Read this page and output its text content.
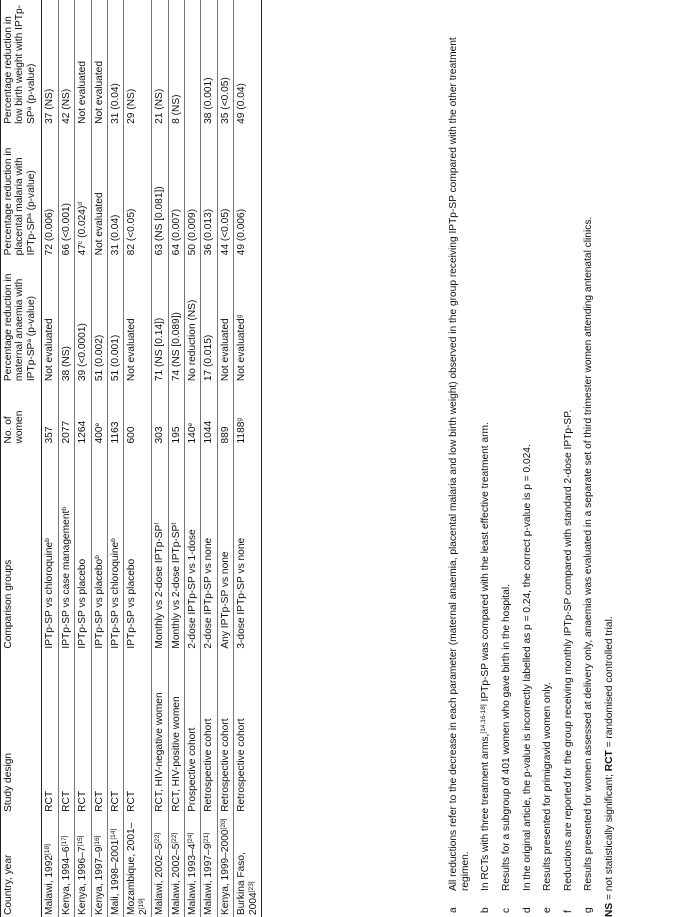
Country, year	Study design	Comparison groups	No. of women	Percentage reduction in maternal anaemia with IPTp-$SP^a$ (p-value)	Percentage reduction in placental malaria with IPTp-$SP^a$ (p-value)	Percentage reduction in low birth weight with IPTp-$SP^a$ (p-value)
Malawi, 1992[18]	RCT	IPTp-SP vs chloroquine$^b$	357	Not evaluated	72 (0.006)	37 (NS)
Kenya, 1994–6[17]	RCT	IPTp-SP vs case management$^b$	2077	38 (NS)	66 (<0.001)	42 (NS)
Kenya, 1996–7[15]	RCT	IPTp-SP vs placebo	1264	39 (<0.0001)	47$^c$ $(0.024)^d$	Not evaluated
Kenya, 1997–9[16]	RCT	IPTp-SP vs placebo$^b$	400e	51 (0.002)	Not evaluated	Not evaluated
Mali, 1998–2001[14]	RCT	IPTp-SP vs chloroquine$^b$	1163	51 (0.001)	31 (0.04)	31 (0.04)
Mozambique, 2001–2[19]	RCT	IPTp-SP vs placebo	600	Not evaluated	82 (<0.05)	29 (NS)
Malawi, 2002–5[22]	RCT, HIV-negative women	Monthly vs 2-dose IPTp-$SP^f$	303	71 (NS [0.14])	63 (NS [0.081])	21 (NS)
Malawi, 2002–5[22]	RCT, HIV-positive women	Monthly vs 2-dose IPTp-$SP^f$	195	74 (NS [0.089])	64 (0.007)	8 (NS)
Malawi, 1993–4[24]	Prospective cohort	2-dose IPTp-SP vs 1-dose	140e	No reduction (NS)	50 (0.009)	
Malawi, 1997–9[21]	Retrospective cohort	2-dose IPTp-SP vs none	1044	17 (0.015)	36 (0.013)	38 (0.001)
Kenya, 1999–2000[20]	Retrospective cohort	Any IPTp-SP vs none	889	Not evaluated	44 (<0.05)	35 (<0.05)
Burkina Faso, 2004[23]	Retrospective cohort	3-dose IPTp-SP vs none	1188$^g$	Not evaluated$^g$	49 (0.006)	49 (0.04)
a
All reductions refer to the decrease in each parameter (maternal anaemia, placental malaria and low birth weight) observed in the group receiving IPTp-SP compared with the other treatment regimen.
b
In RCTs with three treatment arms,[14,16-18] IPTp-SP was compared with the least effective treatment arm.
c
Results for a subgroup of 401 women who gave birth in the hospital.
d
In the original article, the p-value is incorrectly labelled as p = 0.24, the correct p-value is p = 0.024.
e
Results presented for primigravid women only.
f
Reductions are reported for the group receiving monthly IPTp-SP compared with standard 2-dose IPTp-SP.
g
Results presented for women assessed at delivery only, anaemia was evaluated in a separate set of third trimester women attending antenatal clinics.
NS = not statistically significant; RCT = randomised controlled trial.
